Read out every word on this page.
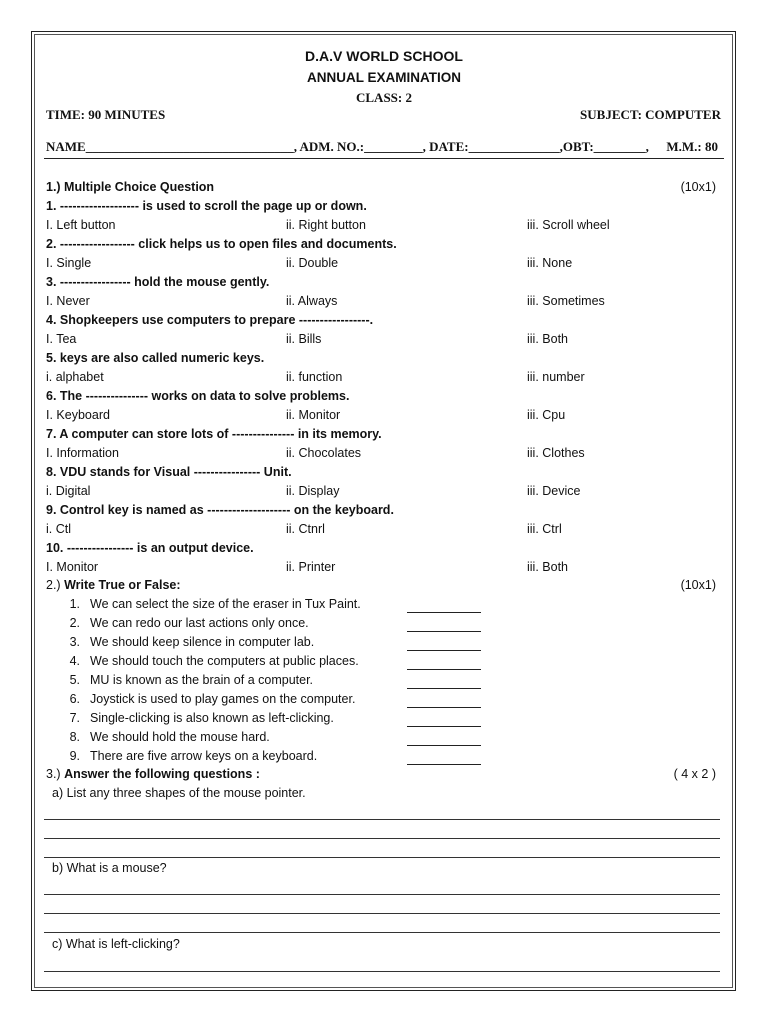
D.A.V WORLD SCHOOL
ANNUAL EXAMINATION
CLASS: 2
TIME: 90 MINUTES	SUBJECT: COMPUTER
NAME________________________________, ADM. NO.:_________, DATE:______________,OBT:________, M.M.: 80
1.) Multiple Choice Question	(10x1)
1. ------------------- is used to scroll the page up or down.
I. Left button	ii. Right button	iii. Scroll wheel
2. ------------------ click helps us to open files and documents.
I. Single	ii. Double	iii. None
3. ----------------- hold the mouse gently.
I. Never	ii. Always	iii. Sometimes
4. Shopkeepers use computers to prepare -----------------.
I. Tea	ii. Bills	iii. Both
5. keys are also called numeric keys.
i. alphabet	ii. function	iii. number
6. The --------------- works on data to solve problems.
I. Keyboard	ii. Monitor	iii. Cpu
7. A computer can store lots of --------------- in its memory.
I. Information	ii. Chocolates	iii. Clothes
8. VDU stands for Visual ---------------- Unit.
i. Digital	ii. Display	iii. Device
9. Control key is named as -------------------- on the keyboard.
i. Ctl	ii. Ctnrl	iii. Ctrl
10. ---------------- is an output device.
I. Monitor	ii. Printer	iii. Both
2.) Write True or False:	(10x1)
1. We can select the size of the eraser in Tux Paint.
2. We can redo our last actions only once.
3. We should keep silence in computer lab.
4. We should touch the computers at public places.
5. MU is known as the brain of a computer.
6. Joystick is used to play games on the computer.
7. Single-clicking is also known as left-clicking.
8. We should hold the mouse hard.
9. There are five arrow keys on a keyboard.
3.) Answer the following questions :	( 4 x 2 )
a) List any three shapes of the mouse pointer.
b) What is a mouse?
c) What is left-clicking?
